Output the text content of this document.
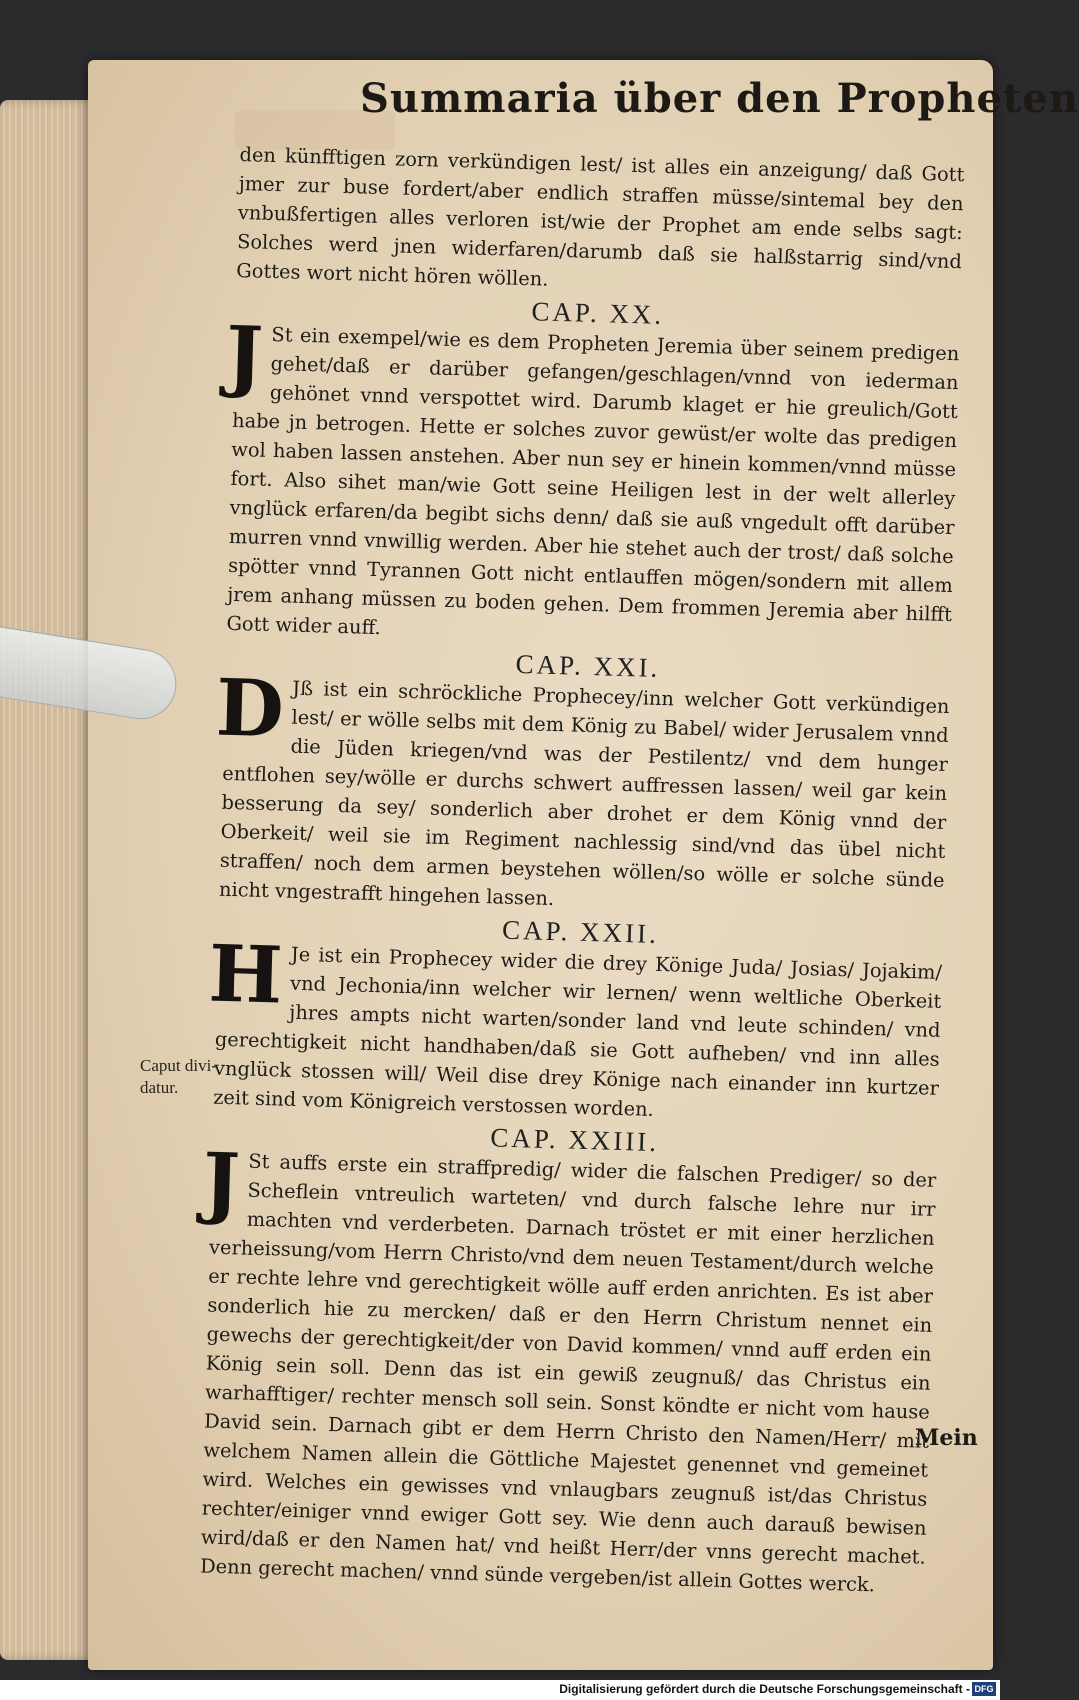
Summaria über den Propheten
Caput divi-datur.

den künfftigen zorn verkündigen lest/ ist alles ein anzeigung/ daß Gott jmer zur buse fordert/aber endlich straffen müsse/sintemal bey den vnbußfertigen alles verloren ist/wie der Prophet am ende selbs sagt: Solches werd jnen widerfaren/darumb daß sie halßstarrig sind/vnd Gottes wort nicht hören wöllen.

CAP. XX.

J St ein exempel/wie es dem Propheten Jeremia über seinem predigen gehet/daß er darüber gefangen/geschlagen/vnnd von iederman gehönet vnnd verspottet wird. Darumb klaget er hie greulich/Gott habe jn betrogen. Hette er solches zuvor gewüst/er wolte das predigen wol haben lassen anstehen. Aber nun sey er hinein kommen/vnnd müsse fort. Also sihet man/wie Gott seine Heiligen lest in der welt allerley vnglück erfaren/da begibt sichs denn/ daß sie auß vngedult offt darüber murren vnnd vnwillig werden. Aber hie stehet auch der trost/ daß solche spötter vnnd Tyrannen Gott nicht entlauffen mögen/sondern mit allem jrem anhang müssen zu boden gehen. Dem frommen Jeremia aber hilfft Gott wider auff.

CAP. XXI.

D Jß ist ein schröckliche Prophecey/inn welcher Gott verkündigen lest/ er wölle selbs mit dem König zu Babel/ wider Jerusalem vnnd die Jüden kriegen/vnd was der Pestilentz/ vnd dem hunger entflohen sey/wölle er durchs schwert auffressen lassen/ weil gar kein besserung da sey/ sonderlich aber drohet er dem König vnnd der Oberkeit/ weil sie im Regiment nachlessig sind/vnd das übel nicht straffen/ noch dem armen beystehen wöllen/so wölle er solche sünde nicht vngestrafft hingehen lassen.

CAP. XXII.

H Je ist ein Prophecey wider die drey Könige Juda/ Josias/ Jojakim/ vnd Jechonia/inn welcher wir lernen/ wenn weltliche Oberkeit jhres ampts nicht warten/sonder land vnd leute schinden/ vnd gerechtigkeit nicht handhaben/daß sie Gott aufheben/ vnd inn alles vnglück stossen will/ Weil dise drey Könige nach einander inn kurtzer zeit sind vom Königreich verstossen worden.

CAP. XXIII.

J St auffs erste ein straffpredig/ wider die falschen Prediger/ so der Scheflein vntreulich warteten/ vnd durch falsche lehre nur irr machten vnd verderbeten. Darnach tröstet er mit einer herzlichen verheissung/vom Herrn Christo/vnd dem neuen Testament/durch welche er rechte lehre vnd gerechtigkeit wölle auff erden anrichten. Es ist aber sonderlich hie zu mercken/ daß er den Herrn Christum nennet ein gewechs der gerechtigkeit/der von David kommen/ vnnd auff erden ein König sein soll. Denn das ist ein gewiß zeugnuß/ das Christus ein warhafftiger/ rechter mensch soll sein. Sonst köndte er nicht vom hause David sein. Darnach gibt er dem Herrn Christo den Namen/Herr/ mit welchem Namen allein die Göttliche Majestet genennet vnd gemeinet wird. Welches ein gewisses vnd vnlaugbars zeugnuß ist/das Christus rechter/einiger vnnd ewiger Gott sey. Wie denn auch darauß bewisen wird/daß er den Namen hat/ vnd heißt Herr/der vnns gerecht machet. Denn gerecht machen/ vnnd sünde vergeben/ist allein Gottes werck.

Mein
Digitalisierung gefördert durch die Deutsche Forschungsgemeinschaft - DFG
